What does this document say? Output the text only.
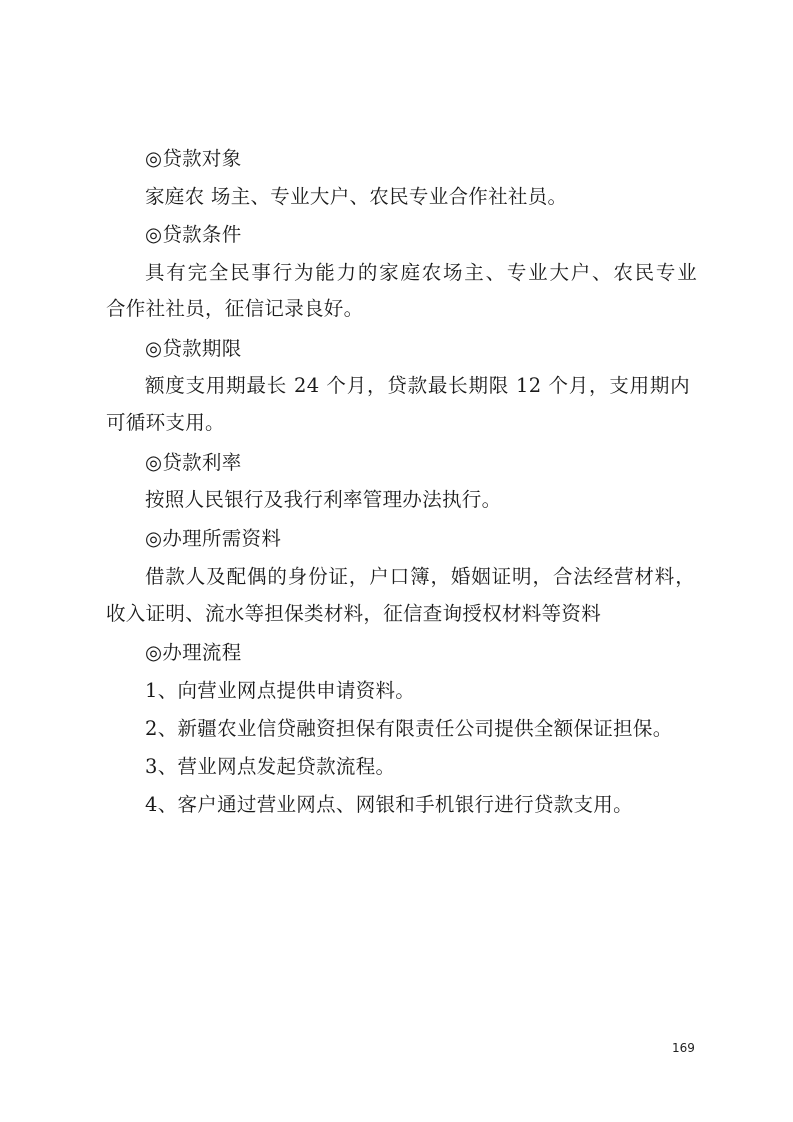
◎贷款对象
家庭农 场主、专业大户、农民专业合作社社员。
◎贷款条件
具有完全民事行为能力的家庭农场主、专业大户、农民专业
合作社社员，征信记录良好。
◎贷款期限
额度支用期最长 24 个月，贷款最长期限 12 个月，支用期内
可循环支用。
◎贷款利率
按照人民银行及我行利率管理办法执行。
◎办理所需资料
借款人及配偶的身份证，户口簿，婚姻证明，合法经营材料，
收入证明、流水等担保类材料，征信查询授权材料等资料
◎办理流程
1、向营业网点提供申请资料。
2、新疆农业信贷融资担保有限责任公司提供全额保证担保。
3、营业网点发起贷款流程。
4、客户通过营业网点、网银和手机银行进行贷款支用。
169
